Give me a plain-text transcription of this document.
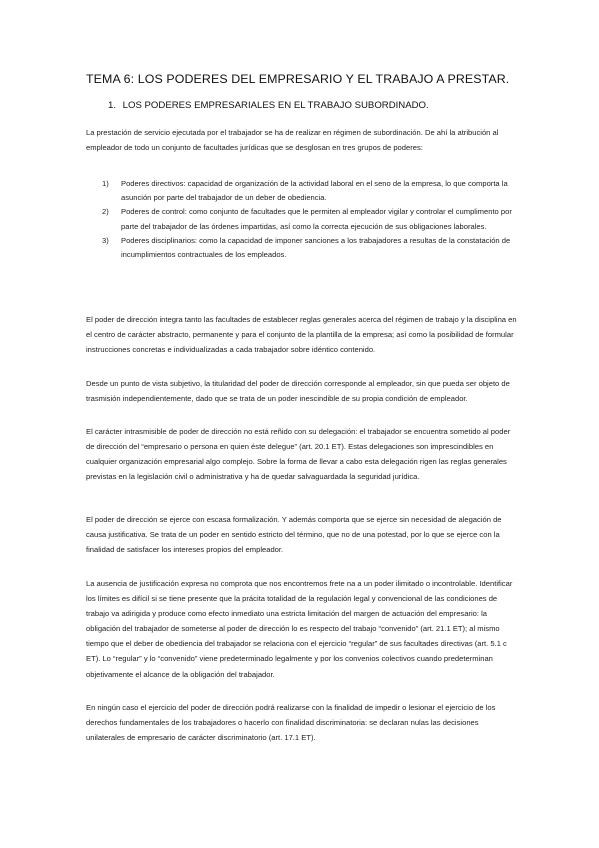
TEMA 6: LOS PODERES DEL EMPRESARIO Y EL TRABAJO A PRESTAR.
1. LOS PODERES EMPRESARIALES EN EL TRABAJO SUBORDINADO.

La prestación de servicio ejecutada por el trabajador se ha de realizar en régimen de subordinación. De ahí la atribución al empleador de todo un conjunto de facultades jurídicas que se desglosan en tres grupos de poderes:

1) Poderes directivos: capacidad de organización de la actividad laboral en el seno de la empresa, lo que comporta la asunción por parte del trabajador de un deber de obediencia.
2) Poderes de control: como conjunto de facultades que le permiten al empleador vigilar y controlar el cumplimento por parte del trabajador de las órdenes impartidas, así como la correcta ejecución de sus obligaciones laborales.
3) Poderes disciplinarios: como la capacidad de imponer sanciones a los trabajadores a resultas de la constatación de incumplimientos contractuales de los empleados.

El poder de dirección integra tanto las facultades de establecer reglas generales acerca del régimen de trabajo y la disciplina en el centro de carácter abstracto, permanente y para el conjunto de la plantilla de la empresa; así como la posibilidad de formular instrucciones concretas e individualizadas a cada trabajador sobre idéntico contenido.

Desde un punto de vista subjetivo, la titularidad del poder de dirección corresponde al empleador, sin que pueda ser objeto de trasmisión independientemente, dado que se trata de un poder inescindible de su propia condición de empleador.

El carácter intrasmisible de poder de dirección no está reñido con su delegación: el trabajador se encuentra sometido al poder de dirección del “empresario o persona en quien éste delegue” (art. 20.1 ET). Estas delegaciones son imprescindibles en cualquier organización empresarial algo complejo. Sobre la forma de llevar a cabo esta delegación rigen las reglas generales previstas en la legislación civil o administrativa y ha de quedar salvaguardada la seguridad jurídica.

El poder de dirección se ejerce con escasa formalización. Y además comporta que se ejerce sin necesidad de alegación de causa justificativa. Se trata de un poder en sentido estricto del término, que no de una potestad, por lo que se ejerce con la finalidad de satisfacer los intereses propios del empleador.

La ausencia de justificación expresa no comprota que nos encontremos frete na a un poder ilimitado o incontrolable. Identificar los límites es difícil si se tiene presente que la prácita totalidad de la regulación legal y convencional de las condiciones de trabajo va adirigida y produce como efecto inmediato una estricta limitación del margen de actuación del empresario: la obligación del trabajador de someterse al poder de dirección lo es respecto del trabajo “convenido” (art. 21.1 ET); al mismo tiempo que el deber de obediencia del trabajador se relaciona con el ejercicio “regular” de sus facultades directivas (art. 5.1 c ET). Lo “regular” y lo “convenido” viene predeterminado legalmente y por los convenios colectivos cuando predeterminan objetivamente el alcance de la obligación del trabajador.

En ningún caso el ejercicio del poder de dirección podrá realizarse con la finalidad de impedir o lesionar el ejercicio de los derechos fundamentales de los trabajadores o hacerlo con finalidad discriminatoria: se declaran nulas las decisiones unilaterales de empresario de carácter discriminatorio (art. 17.1 ET).
